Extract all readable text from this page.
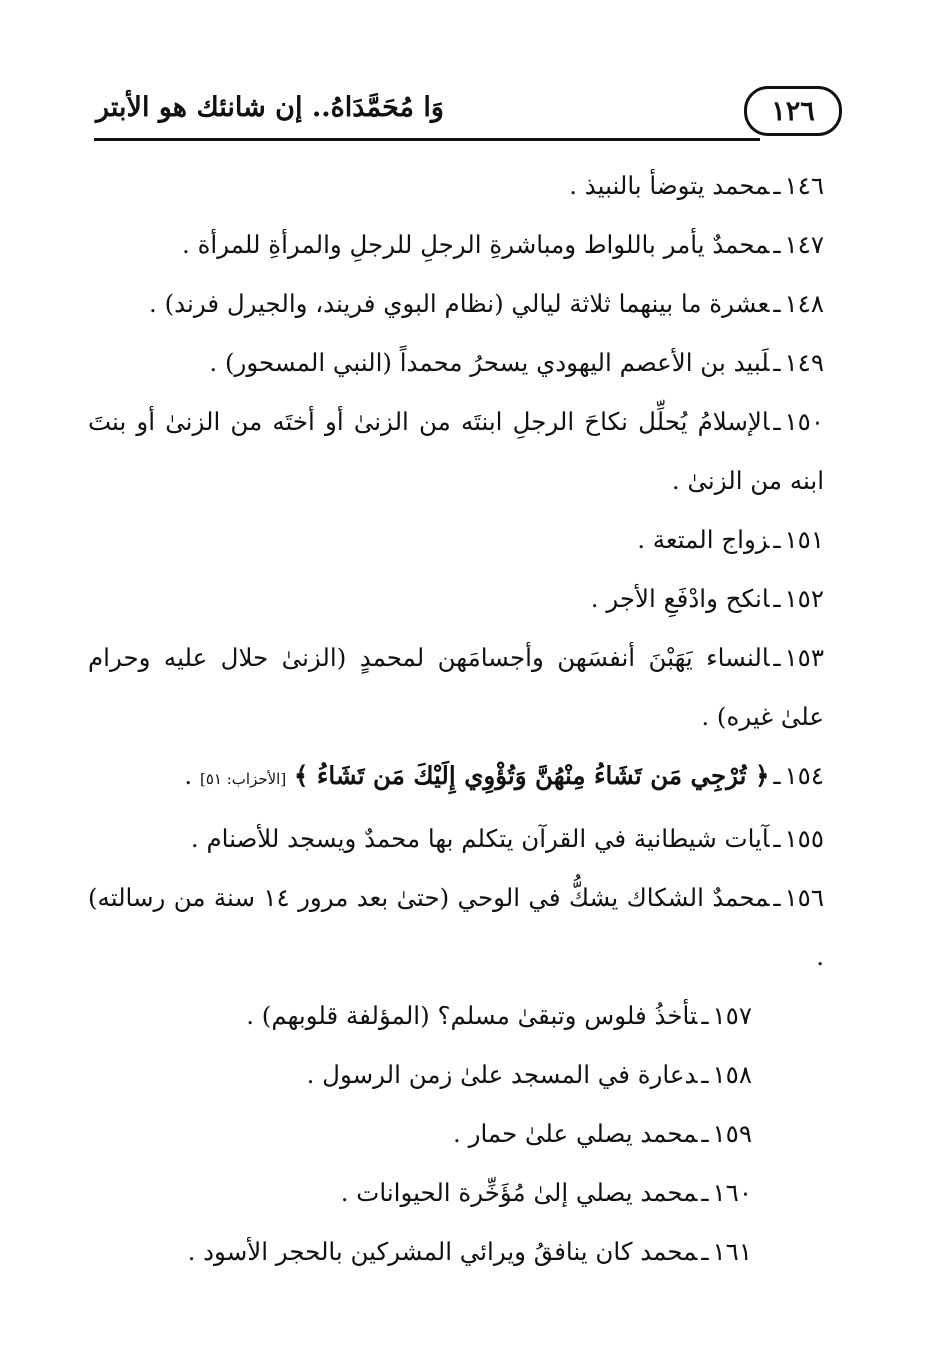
١٢٦
وَا مُحَمَّدَاهُ.. إن شانئك هو الأبتر

١٤٦ـمحمد يتوضأ بالنبيذ .

١٤٧ـمحمدٌ يأمر باللواط ومباشرةِ الرجلِ للرجلِ والمرأةِ للمرأة .

١٤٨ـعشرة ما بينهما ثلاثة ليالي (نظام البوي فريند، والجيرل فرند) .

١٤٩ـلَبيد بن الأعصم اليهودي يسحرُ محمداً (النبي المسحور) .

١٥٠ـالإسلامُ يُحلِّل نكاحَ الرجلِ ابنتَه من الزنىٰ أو أختَه من الزنىٰ أو بنتَ ابنه من الزنىٰ .

١٥١ـزواج المتعة .

١٥٢ـانكح وادْفَعِ الأجر .

١٥٣ـالنساء يَهَبْنَ أنفسَهن وأجسامَهن لمحمدٍ (الزنىٰ حلال عليه وحرام علىٰ غيره) .

١٥٤ـ﴿ تُرْجِي مَن تَشَاءُ مِنْهُنَّ وَتُؤْوِي إِلَيْكَ مَن تَشَاءُ ﴾ [الأحزاب: ٥١] .

١٥٥ـآيات شيطانية في القرآن يتكلم بها محمدٌ ويسجد للأصنام .

١٥٦ـمحمدٌ الشكاك يشكُّ في الوحي (حتىٰ بعد مرور ١٤ سنة من رسالته) .

١٥٧ـتأخذُ فلوس وتبقىٰ مسلم؟ (المؤلفة قلوبهم) .

١٥٨ـدعارة في المسجد علىٰ زمن الرسول .

١٥٩ـمحمد يصلي علىٰ حمار .

١٦٠ـمحمد يصلي إلىٰ مُؤَخِّرة الحيوانات .

١٦١ـمحمد كان ينافقُ ويرائي المشركين بالحجر الأسود .
